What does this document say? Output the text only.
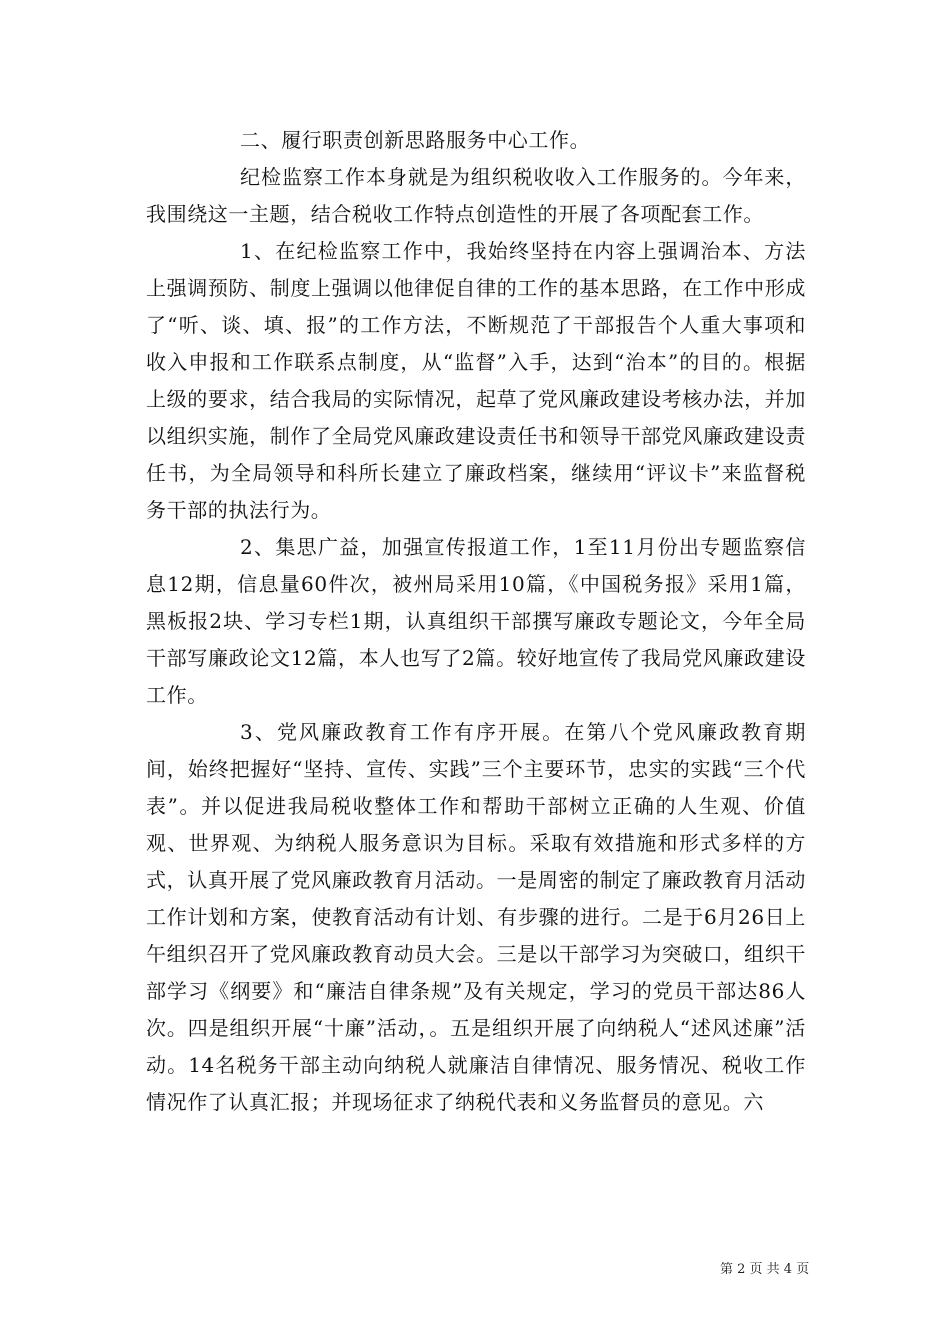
二、履行职责创新思路服务中心工作。

纪检监察工作本身就是为组织税收收入工作服务的。今年来，我围绕这一主题，结合税收工作特点创造性的开展了各项配套工作。

1、在纪检监察工作中，我始终坚持在内容上强调治本、方法上强调预防、制度上强调以他律促自律的工作的基本思路，在工作中形成了“听、谈、填、报”的工作方法，不断规范了干部报告个人重大事项和收入申报和工作联系点制度，从“监督”入手，达到“治本”的目的。根据上级的要求，结合我局的实际情况，起草了党风廉政建设考核办法，并加以组织实施，制作了全局党风廉政建设责任书和领导干部党风廉政建设责任书，为全局领导和科所长建立了廉政档案，继续用“评议卡”来监督税务干部的执法行为。

2、集思广益，加强宣传报道工作，1至11月份出专题监察信息12期，信息量60件次，被州局采用10篇，《中国税务报》采用1篇，黑板报2块、学习专栏1期，认真组织干部撰写廉政专题论文，今年全局干部写廉政论文12篇，本人也写了2篇。较好地宣传了我局党风廉政建设工作。

3、党风廉政教育工作有序开展。在第八个党风廉政教育期间，始终把握好“坚持、宣传、实践”三个主要环节，忠实的实践“三个代表”。并以促进我局税收整体工作和帮助干部树立正确的人生观、价值观、世界观、为纳税人服务意识为目标。采取有效措施和形式多样的方式，认真开展了党风廉政教育月活动。一是周密的制定了廉政教育月活动工作计划和方案，使教育活动有计划、有步骤的进行。二是于6月26日上午组织召开了党风廉政教育动员大会。三是以干部学习为突破口，组织干部学习《纲要》和“廉洁自律条规”及有关规定，学习的党员干部达86人次。四是组织开展“十廉”活动，。五是组织开展了向纳税人“述风述廉”活动。14名税务干部主动向纳税人就廉洁自律情况、服务情况、税收工作情况作了认真汇报；并现场征求了纳税代表和义务监督员的意见。六

第 2 页 共 4 页
